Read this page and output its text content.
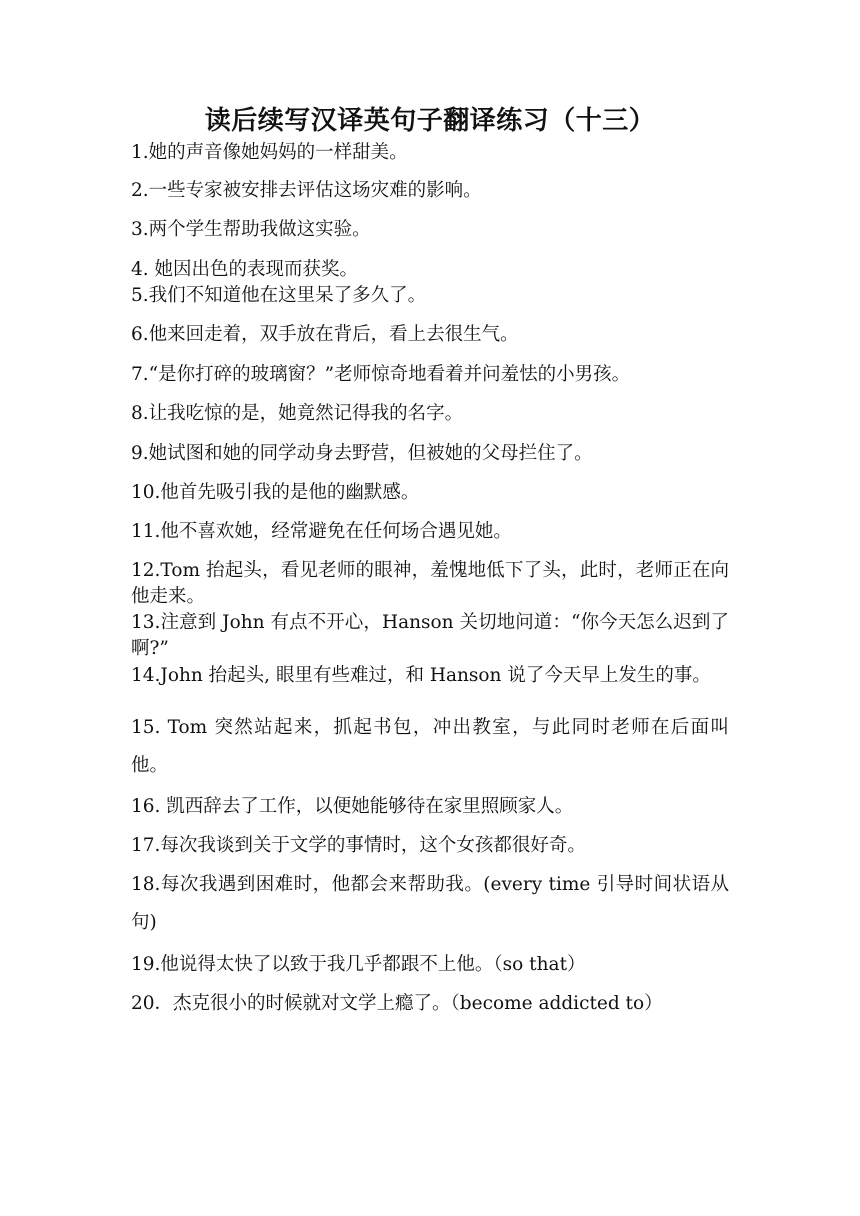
读后续写汉译英句子翻译练习（十三）
1.她的声音像她妈妈的一样甜美。
2.一些专家被安排去评估这场灾难的影响。
3.两个学生帮助我做这实验。
4. 她因出色的表现而获奖。
5.我们不知道他在这里呆了多久了。
6.他来回走着，双手放在背后，看上去很生气。
7.“是你打碎的玻璃窗？”老师惊奇地看着并问羞怯的小男孩。
8.让我吃惊的是，她竟然记得我的名字。
9.她试图和她的同学动身去野营，但被她的父母拦住了。
10.他首先吸引我的是他的幽默感。
11.他不喜欢她，经常避免在任何场合遇见她。
12.Tom 抬起头，看见老师的眼神，羞愧地低下了头，此时，老师正在向他走来。
13.注意到 John 有点不开心，Hanson 关切地问道：“你今天怎么迟到了啊?”
14.John 抬起头, 眼里有些难过，和 Hanson 说了今天早上发生的事。
15. Tom 突然站起来，抓起书包，冲出教室，与此同时老师在后面叫他。
16. 凯西辞去了工作，以便她能够待在家里照顾家人。
17.每次我谈到关于文学的事情时，这个女孩都很好奇。
18.每次我遇到困难时，他都会来帮助我。(every time 引导时间状语从句)
19.他说得太快了以致于我几乎都跟不上他。（so that）
20．杰克很小的时候就对文学上瘾了。（become addicted to）
